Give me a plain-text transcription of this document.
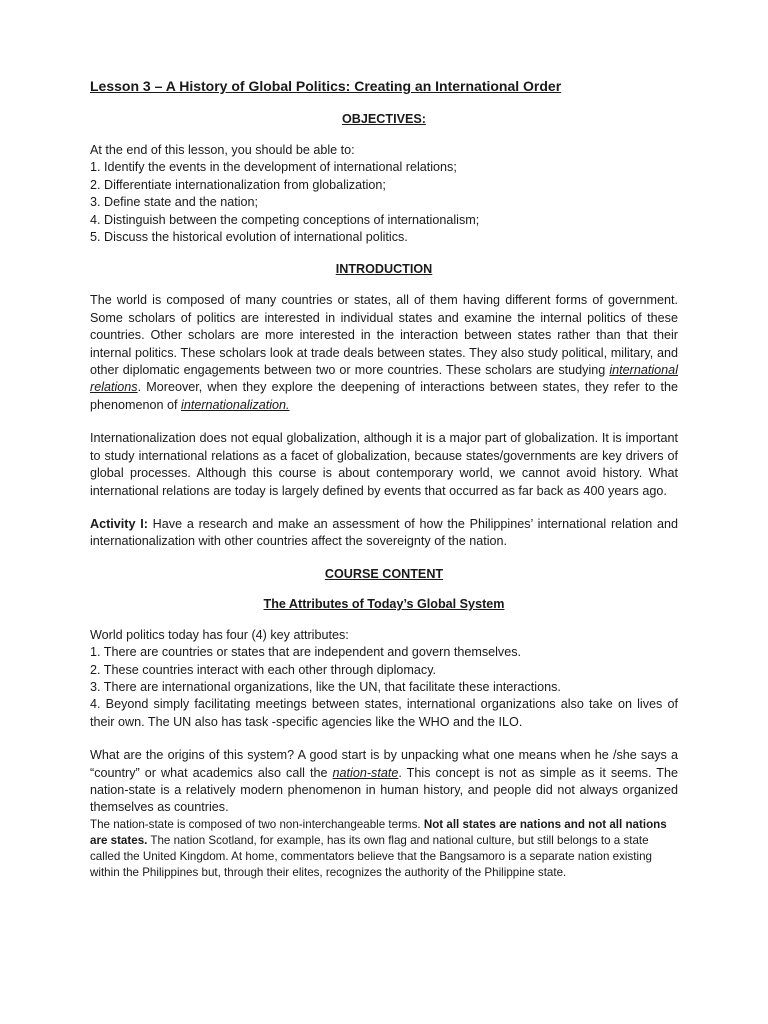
Lesson 3 – A History of Global Politics: Creating an International Order
OBJECTIVES:
At the end of this lesson, you should be able to:
1. Identify the events in the development of international relations;
2. Differentiate internationalization from globalization;
3. Define state and the nation;
4. Distinguish between the competing conceptions of internationalism;
5. Discuss the historical evolution of international politics.
INTRODUCTION

The world is composed of many countries or states, all of them having different forms of government. Some scholars of politics are interested in individual states and examine the internal politics of these countries. Other scholars are more interested in the interaction between states rather than that their internal politics. These scholars look at trade deals between states. They also study political, military, and other diplomatic engagements between two or more countries. These scholars are studying international relations. Moreover, when they explore the deepening of interactions between states, they refer to the phenomenon of internationalization.

Internationalization does not equal globalization, although it is a major part of globalization. It is important to study international relations as a facet of globalization, because states/governments are key drivers of global processes. Although this course is about contemporary world, we cannot avoid history. What international relations are today is largely defined by events that occurred as far back as 400 years ago.

Activity I: Have a research and make an assessment of how the Philippines’ international relation and internationalization with other countries affect the sovereignty of the nation.

COURSE CONTENT
The Attributes of Today’s Global System
World politics today has four (4) key attributes:
1. There are countries or states that are independent and govern themselves.
2. These countries interact with each other through diplomacy.
3. There are international organizations, like the UN, that facilitate these interactions.
4. Beyond simply facilitating meetings between states, international organizations also take on lives of their own. The UN also has task -specific agencies like the WHO and the ILO.

What are the origins of this system? A good start is by unpacking what one means when he /she says a “country” or what academics also call the nation-state. This concept is not as simple as it seems. The nation-state is a relatively modern phenomenon in human history, and people did not always organized themselves as countries.

The nation-state is composed of two non-interchangeable terms. Not all states are nations and not all nations are states. The nation Scotland, for example, has its own flag and national culture, but still belongs to a state called the United Kingdom. At home, commentators believe that the Bangsamoro is a separate nation existing within the Philippines but, through their elites, recognizes the authority of the Philippine state.
